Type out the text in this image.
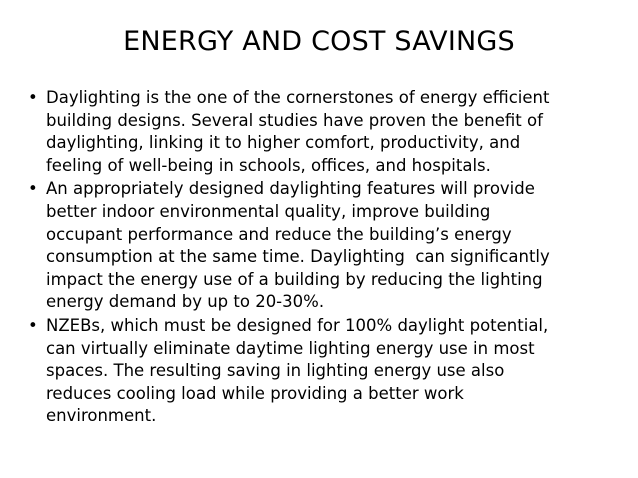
ENERGY AND COST SAVINGS
• Daylighting is the one of the cornerstones of energy efficient
building designs. Several studies have proven the benefit of
daylighting, linking it to higher comfort, productivity, and
feeling of well-being in schools, offices, and hospitals.
• An appropriately designed daylighting features will provide
better indoor environmental quality, improve building
occupant performance and reduce the building’s energy
consumption at the same time. Daylighting  can significantly
impact the energy use of a building by reducing the lighting
energy demand by up to 20-30%.
• NZEBs, which must be designed for 100% daylight potential,
can virtually eliminate daytime lighting energy use in most
spaces. The resulting saving in lighting energy use also
reduces cooling load while providing a better work
environment.
